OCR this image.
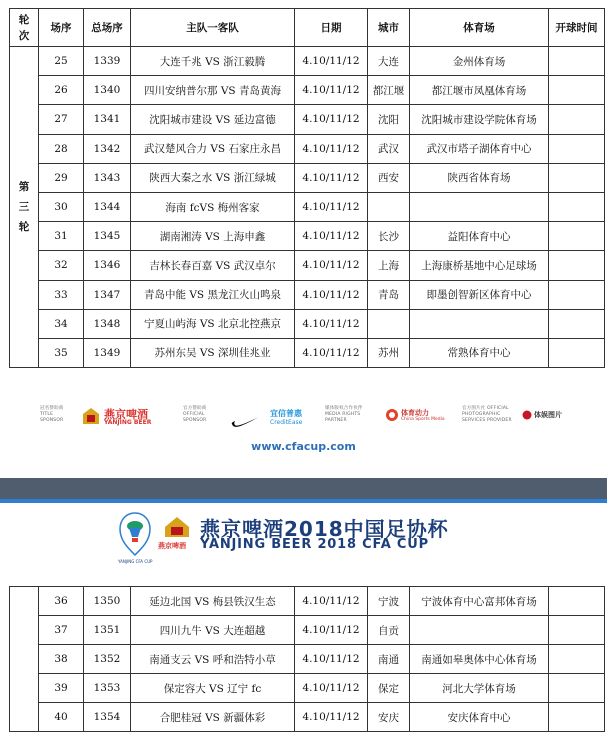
轮次	场序	总场序	主队一客队	日期	城市	体育场	开球时间
第三轮	25	1339	大连千兆 VS 浙江毅腾	4.10/11/12	大连	金州体育场	
	26	1340	四川安纳普尔那 VS 青岛黄海	4.10/11/12	都江堰	都江堰市凤凰体育场	
	27	1341	沈阳城市建设 VS 延边富德	4.10/11/12	沈阳	沈阳城市建设学院体育场	
	28	1342	武汉楚风合力 VS 石家庄永昌	4.10/11/12	武汉	武汉市塔子湖体育中心	
	29	1343	陕西大秦之水 VS 浙江绿城	4.10/11/12	西安	陕西省体育场	
	30	1344	海南 fcVS 梅州客家	4.10/11/12			
	31	1345	湖南湘涛 VS 上海申鑫	4.10/11/12	长沙	益阳体育中心	
	32	1346	吉林长春百嘉 VS 武汉卓尔	4.10/11/12	上海	上海康桥基地中心足球场	
	33	1347	青岛中能 VS 黑龙江火山鸣泉	4.10/11/12	青岛	即墨创智新区体育中心	
	34	1348	宁夏山屿海 VS 北京北控燕京	4.10/11/12			
	35	1349	苏州东吴 VS 深圳佳兆业	4.10/11/12	苏州	常熟体育中心	
冠名赞助商 TITLE SPONSOR	燕京啤酒
YANJING BEER
官方赞助商 OFFICIAL SPONSOR
宜信普惠
CreditEase
媒体版权合作伙伴 MEDIA RIGHTS PARTNER
体育动力
China Sports Media
官方图片社 OFFICIAL PHOTOGRAPHIC SERVICES PROVIDER
体娱图片
www.cfacup.com
燕京啤酒
YANJING CFA CUP
燕京啤酒2018中国足协杯
YANJING BEER 2018 CFA CUP
	36	1350	延边北国 VS 梅县铁汉生态	4.10/11/12	宁波	宁波体育中心富邦体育场	
	37	1351	四川九牛 VS 大连超越	4.10/11/12	自贡		
	38	1352	南通支云 VS 呼和浩特小草	4.10/11/12	南通	南通如皋奥体中心体育场	
	39	1353	保定容大 VS 辽宁 fc	4.10/11/12	保定	河北大学体育场	
	40	1354	合肥桂冠 VS 新疆体彩	4.10/11/12	安庆	安庆体育中心	
